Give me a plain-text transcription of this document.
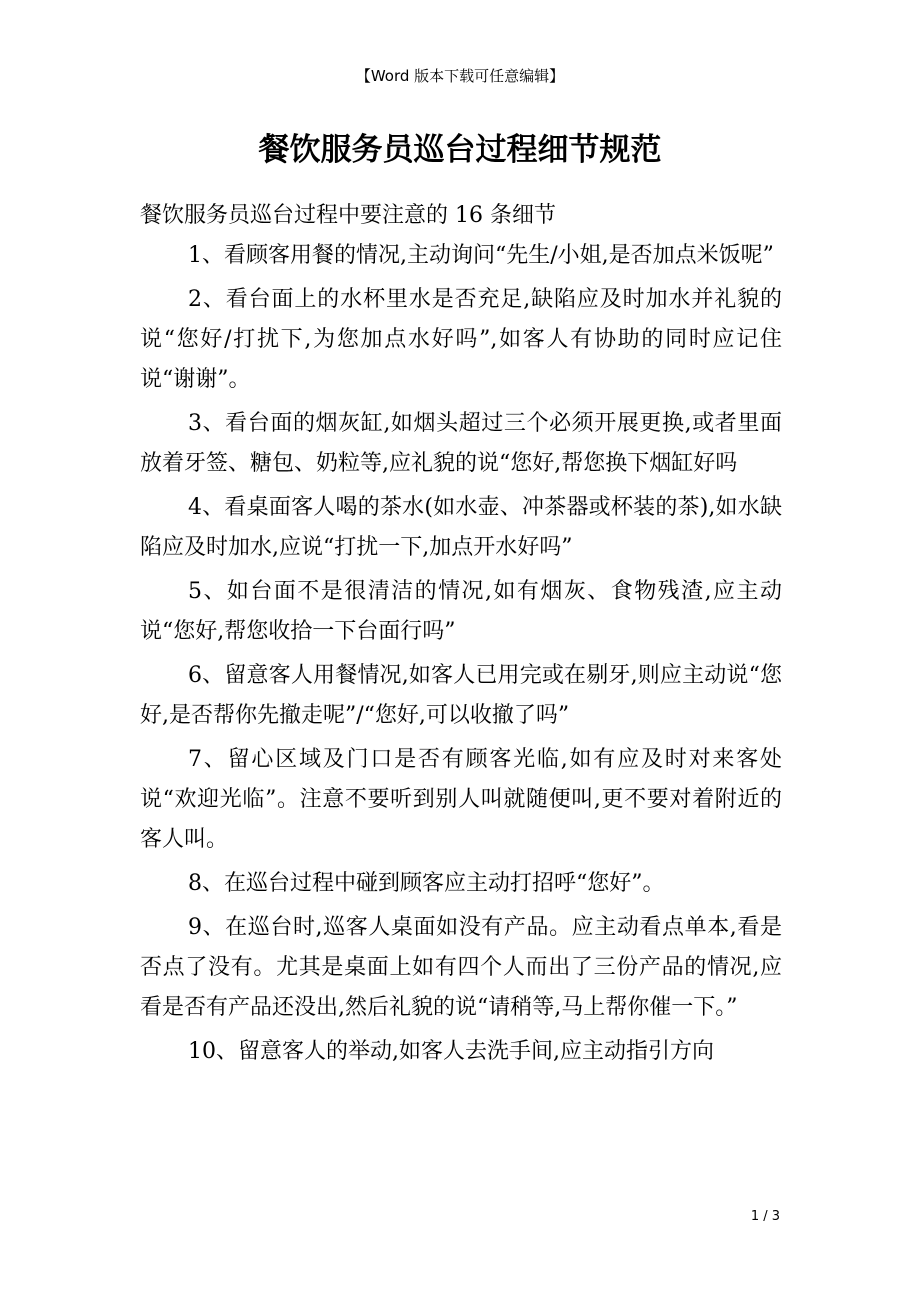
【Word 版本下载可任意编辑】
餐饮服务员巡台过程细节规范

餐饮服务员巡台过程中要注意的 16 条细节

1、看顾客用餐的情况,主动询问“先生/小姐,是否加点米饭呢”

2、看台面上的水杯里水是否充足,缺陷应及时加水并礼貌的说“您好/打扰下,为您加点水好吗”,如客人有协助的同时应记住说“谢谢”。

3、看台面的烟灰缸,如烟头超过三个必须开展更换,或者里面放着牙签、糖包、奶粒等,应礼貌的说“您好,帮您换下烟缸好吗

4、看桌面客人喝的茶水(如水壶、冲茶器或杯装的茶),如水缺陷应及时加水,应说“打扰一下,加点开水好吗”

5、如台面不是很清洁的情况,如有烟灰、食物残渣,应主动说“您好,帮您收拾一下台面行吗”

6、留意客人用餐情况,如客人已用完或在剔牙,则应主动说“您好,是否帮你先撤走呢”/“您好,可以收撤了吗”

7、留心区域及门口是否有顾客光临,如有应及时对来客处说“欢迎光临”。注意不要听到别人叫就随便叫,更不要对着附近的客人叫。

8、在巡台过程中碰到顾客应主动打招呼“您好”。

9、在巡台时,巡客人桌面如没有产品。应主动看点单本,看是否点了没有。尤其是桌面上如有四个人而出了三份产品的情况,应看是否有产品还没出,然后礼貌的说“请稍等,马上帮你催一下。”

10、留意客人的举动,如客人去洗手间,应主动指引方向

1 / 3
